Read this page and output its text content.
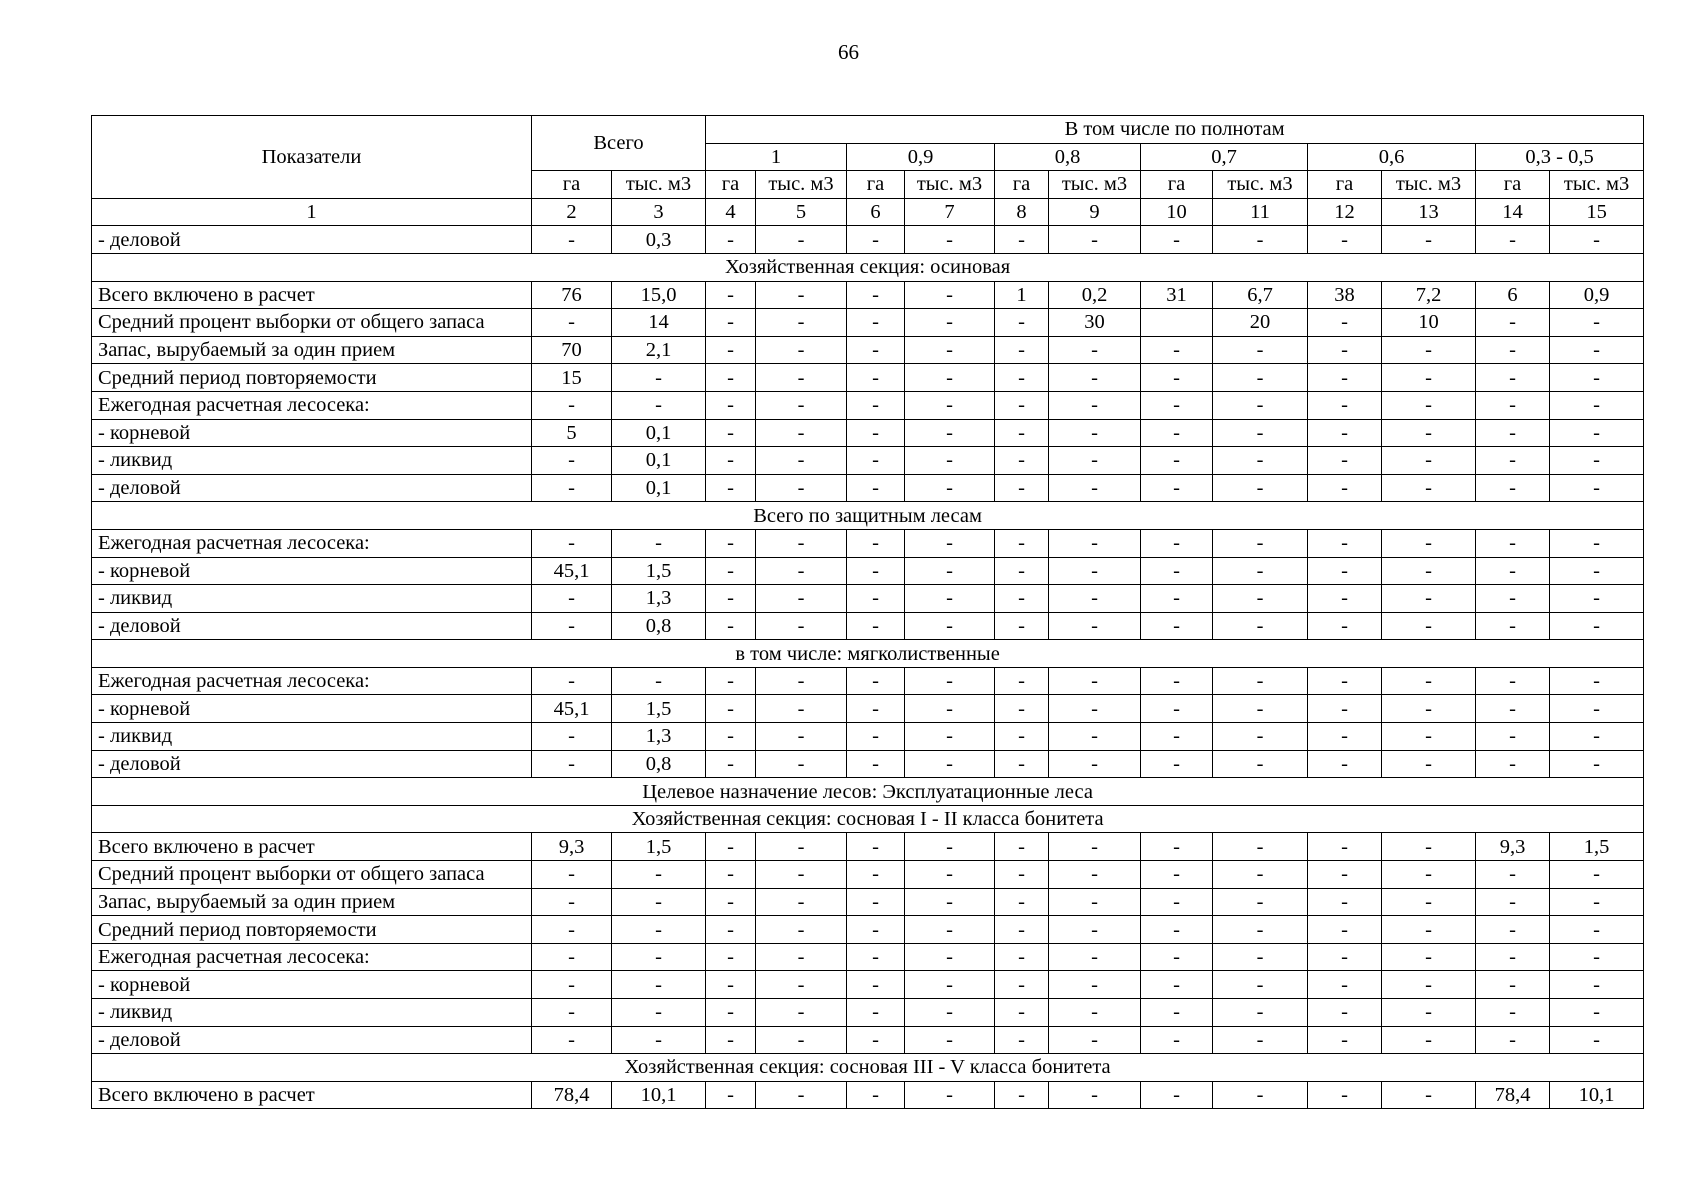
66
Показатели	Всего		В том числе по полнотам											
			1		0,9		0,8		0,7		0,6		0,3 - 0,5	
	га	тыс. м3	га	тыс. м3	га	тыс. м3	га	тыс. м3	га	тыс. м3	га	тыс. м3	га	тыс. м3
1	2	3	4	5	6	7	8	9	10	11	12	13	14	15
- деловой	-	0,3	-	-	-	-	-	-	-	-	-	-	-	-
Хозяйственная секция: осиновая														
Всего включено в расчет	76	15,0	-	-	-	-	1	0,2	31	6,7	38	7,2	6	0,9
Средний процент выборки от общего запаса	-	14	-	-	-	-	-	30		20	-	10	-	-
Запас, вырубаемый за один прием	70	2,1	-	-	-	-	-	-	-	-	-	-	-	-
Средний период повторяемости	15	-	-	-	-	-	-	-	-	-	-	-	-	-
Ежегодная расчетная лесосека:	-	-	-	-	-	-	-	-	-	-	-	-	-	-
- корневой	5	0,1	-	-	-	-	-	-	-	-	-	-	-	-
- ликвид	-	0,1	-	-	-	-	-	-	-	-	-	-	-	-
- деловой	-	0,1	-	-	-	-	-	-	-	-	-	-	-	-
Всего по защитным лесам														
Ежегодная расчетная лесосека:	-	-	-	-	-	-	-	-	-	-	-	-	-	-
- корневой	45,1	1,5	-	-	-	-	-	-	-	-	-	-	-	-
- ликвид	-	1,3	-	-	-	-	-	-	-	-	-	-	-	-
- деловой	-	0,8	-	-	-	-	-	-	-	-	-	-	-	-
в том числе: мягколиственные														
Ежегодная расчетная лесосека:	-	-	-	-	-	-	-	-	-	-	-	-	-	-
- корневой	45,1	1,5	-	-	-	-	-	-	-	-	-	-	-	-
- ликвид	-	1,3	-	-	-	-	-	-	-	-	-	-	-	-
- деловой	-	0,8	-	-	-	-	-	-	-	-	-	-	-	-
Целевое назначение лесов: Эксплуатационные леса														
Хозяйственная секция: сосновая I - II класса бонитета														
Всего включено в расчет	9,3	1,5	-	-	-	-	-	-	-	-	-	-	9,3	1,5
Средний процент выборки от общего запаса	-	-	-	-	-	-	-	-	-	-	-	-	-	-
Запас, вырубаемый за один прием	-	-	-	-	-	-	-	-	-	-	-	-	-	-
Средний период повторяемости	-	-	-	-	-	-	-	-	-	-	-	-	-	-
Ежегодная расчетная лесосека:	-	-	-	-	-	-	-	-	-	-	-	-	-	-
- корневой	-	-	-	-	-	-	-	-	-	-	-	-	-	-
- ликвид	-	-	-	-	-	-	-	-	-	-	-	-	-	-
- деловой	-	-	-	-	-	-	-	-	-	-	-	-	-	-
Хозяйственная секция: сосновая III - V класса бонитета														
Всего включено в расчет	78,4	10,1	-	-	-	-	-	-	-	-	-	-	78,4	10,1
